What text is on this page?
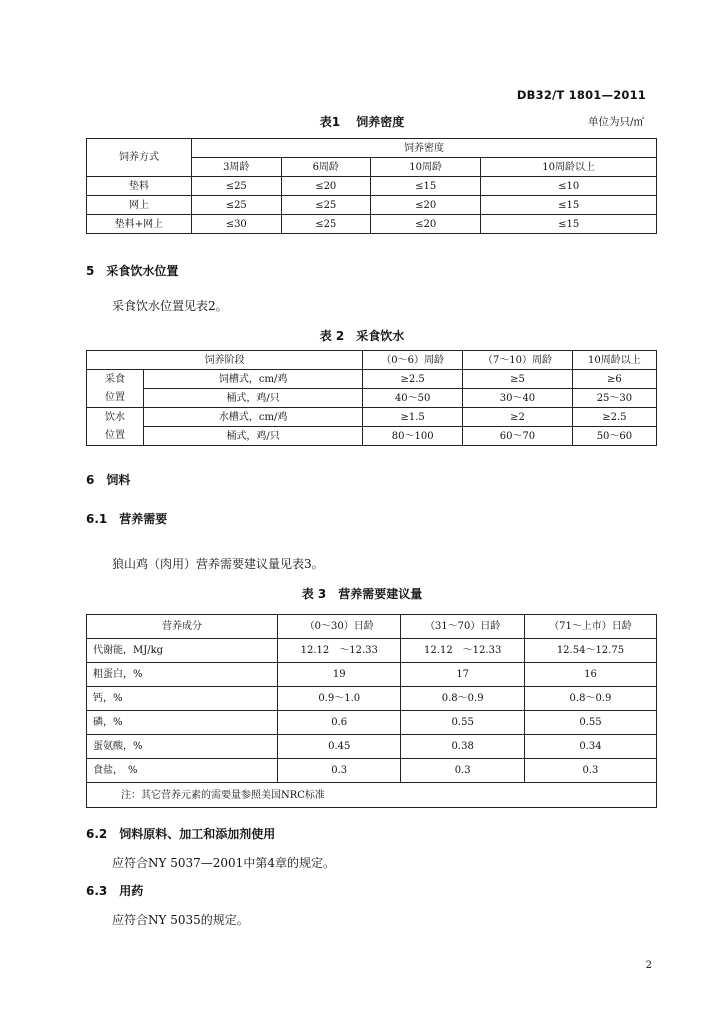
DB32/T 1801—2011
表1　 饲养密度	单位为只/㎡
饲养方式	饲养密度			
	3周龄	6周龄	10周龄	10周龄以上
垫料	≤25	≤20	≤15	≤10
网上	≤25	≤25	≤20	≤15
垫料+网上	≤30	≤25	≤20	≤15
5　采食饮水位置
采食饮水位置见表2。
表 2　采食饮水
饲养阶段		（0～6）周龄	（7～10）周龄	10周龄以上
采食	饲槽式，cm/鸡	≥2.5	≥5	≥6
位置	桶式，鸡/只	40～50	30～40	25～30
饮水	水槽式，cm/鸡	≥1.5	≥2	≥2.5
位置	桶式，鸡/只	80～100	60～70	50～60
6　饲料
6.1　营养需要
狼山鸡（肉用）营养需要建议量见表3。
表 3　营养需要建议量
营养成分	（0～30）日龄	（31～70）日龄	（71～上市）日龄
代谢能，MJ/kg	12.12　～12.33	12.12　～12.33	12.54～12.75
粗蛋白，%	19	17	16
钙，%	0.9～1.0	0.8～0.9	0.8～0.9
磷，%	0.6	0.55	0.55
蛋氨酸，%	0.45	0.38	0.34
食盐，　%	0.3	0.3	0.3
注：其它营养元素的需要量参照美国NRC标准			
6.2　饲料原料、加工和添加剂使用
应符合NY 5037—2001中第4章的规定。
6.3　用药
应符合NY 5035的规定。
2
